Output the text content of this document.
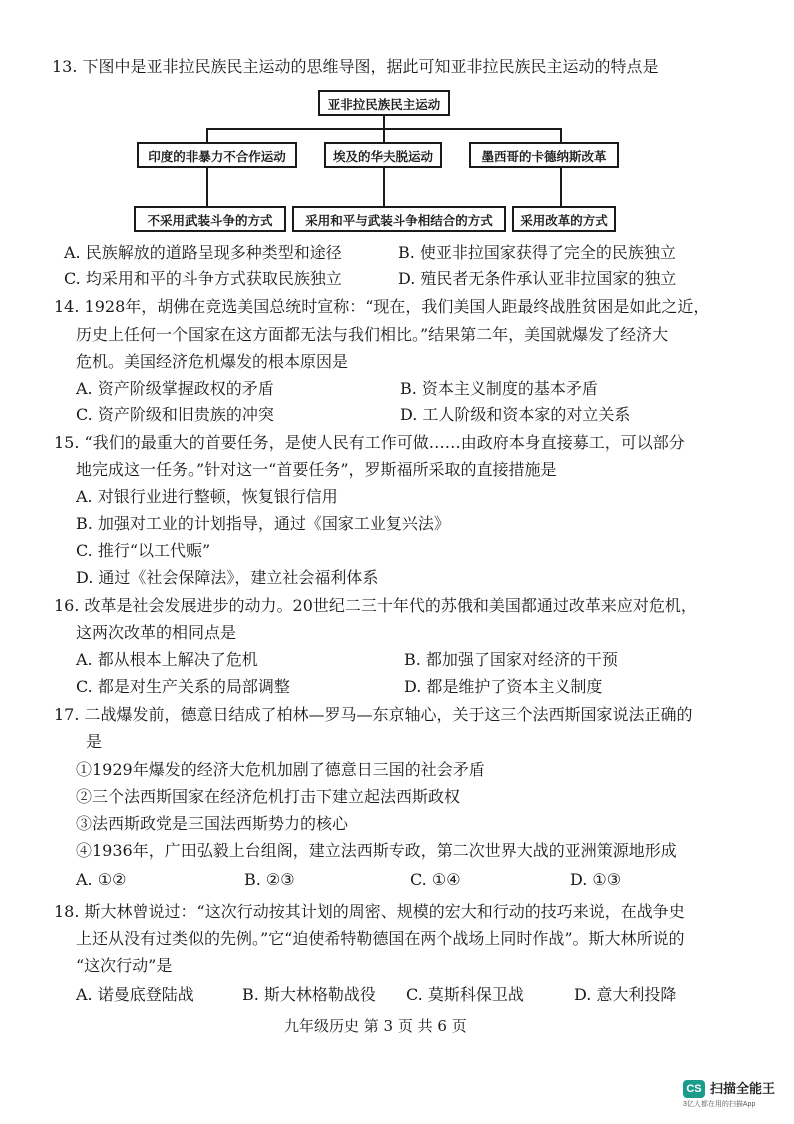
13. 下图中是亚非拉民族民主运动的思维导图，据此可知亚非拉民族民主运动的特点是
亚非拉民族民主运动
印度的非暴力不合作运动	埃及的华夫脱运动	墨西哥的卡德纳斯改革
不采用武装斗争的方式	采用和平与武装斗争相结合的方式	采用改革的方式
A. 民族解放的道路呈现多种类型和途径	B. 使亚非拉国家获得了完全的民族独立
C. 均采用和平的斗争方式获取民族独立	D. 殖民者无条件承认亚非拉国家的独立
14. 1928年，胡佛在竞选美国总统时宣称：“现在，我们美国人距最终战胜贫困是如此之近，
历史上任何一个国家在这方面都无法与我们相比。”结果第二年，美国就爆发了经济大
危机。美国经济危机爆发的根本原因是
A. 资产阶级掌握政权的矛盾	B. 资本主义制度的基本矛盾
C. 资产阶级和旧贵族的冲突	D. 工人阶级和资本家的对立关系
15. “我们的最重大的首要任务，是使人民有工作可做……由政府本身直接募工，可以部分
地完成这一任务。”针对这一“首要任务”，罗斯福所采取的直接措施是
A. 对银行业进行整顿，恢复银行信用
B. 加强对工业的计划指导，通过《国家工业复兴法》
C. 推行“以工代赈”
D. 通过《社会保障法》，建立社会福利体系
16. 改革是社会发展进步的动力。20世纪二三十年代的苏俄和美国都通过改革来应对危机，
这两次改革的相同点是
A. 都从根本上解决了危机	B. 都加强了国家对经济的干预
C. 都是对生产关系的局部调整	D. 都是维护了资本主义制度
17. 二战爆发前，德意日结成了柏林—罗马—东京轴心，关于这三个法西斯国家说法正确的
是
①1929年爆发的经济大危机加剧了德意日三国的社会矛盾
②三个法西斯国家在经济危机打击下建立起法西斯政权
③法西斯政党是三国法西斯势力的核心
④1936年，广田弘毅上台组阁，建立法西斯专政，第二次世界大战的亚洲策源地形成
A. ①②	B. ②③	C. ①④	D. ①③
18. 斯大林曾说过：“这次行动按其计划的周密、规模的宏大和行动的技巧来说，在战争史
上还从没有过类似的先例。”它“迫使希特勒德国在两个战场上同时作战”。斯大林所说的
“这次行动”是
A. 诺曼底登陆战	B. 斯大林格勒战役 C. 莫斯科保卫战	D. 意大利投降
九年级历史 第 3 页 共 6 页
CS 扫描全能王
3亿人都在用的扫描App
